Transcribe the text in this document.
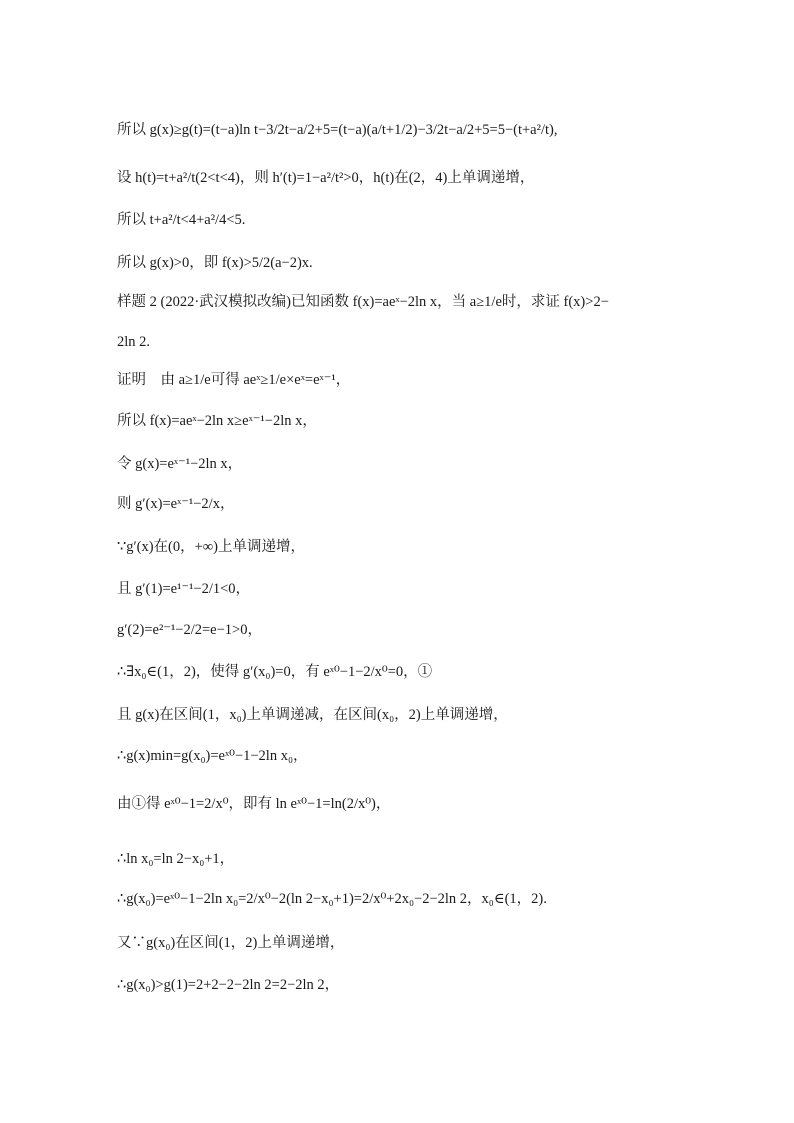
所以 g(x)≥g(t)=(t−a)ln t−3/2t−a/2+5=(t−a)(a/t+1/2)−3/2t−a/2+5=5−(t+a²/t),
设 h(t)=t+a²/t(2<t<4)，则 h′(t)=1−a²/t²>0，h(t)在(2，4)上单调递增，
所以 t+a²/t<4+a²/4<5.
所以 g(x)>0，即 f(x)>5/2(a−2)x.
样题 2 (2022·武汉模拟改编)已知函数 f(x)=aeˣ−2ln x，当 a≥1/e时，求证 f(x)>2−
2ln 2.
证明　由 a≥1/e可得 aeˣ≥1/e×eˣ=eˣ⁻¹，
所以 f(x)=aeˣ−2ln x≥eˣ⁻¹−2ln x，
令 g(x)=eˣ⁻¹−2ln x，
则 g′(x)=eˣ⁻¹−2/x，
∵g′(x)在(0，+∞)上单调递增，
且 g′(1)=e¹⁻¹−2/1<0，
g′(2)=e²⁻¹−2/2=e−1>0，
∴∃x₀∈(1，2)，使得 g′(x₀)=0，有 eˣ⁰−1−2/x⁰=0，①
且 g(x)在区间(1，x₀)上单调递减，在区间(x₀，2)上单调递增，
∴g(x)min=g(x₀)=eˣ⁰−1−2ln x₀，
由①得 eˣ⁰−1=2/x⁰，即有 ln eˣ⁰−1=ln(2/x⁰)，
∴ln x₀=ln 2−x₀+1，
∴g(x₀)=eˣ⁰−1−2ln x₀=2/x⁰−2(ln 2−x₀+1)=2/x⁰+2x₀−2−2ln 2，x₀∈(1，2).
又∵g(x₀)在区间(1，2)上单调递增，
∴g(x₀)>g(1)=2+2−2−2ln 2=2−2ln 2，
